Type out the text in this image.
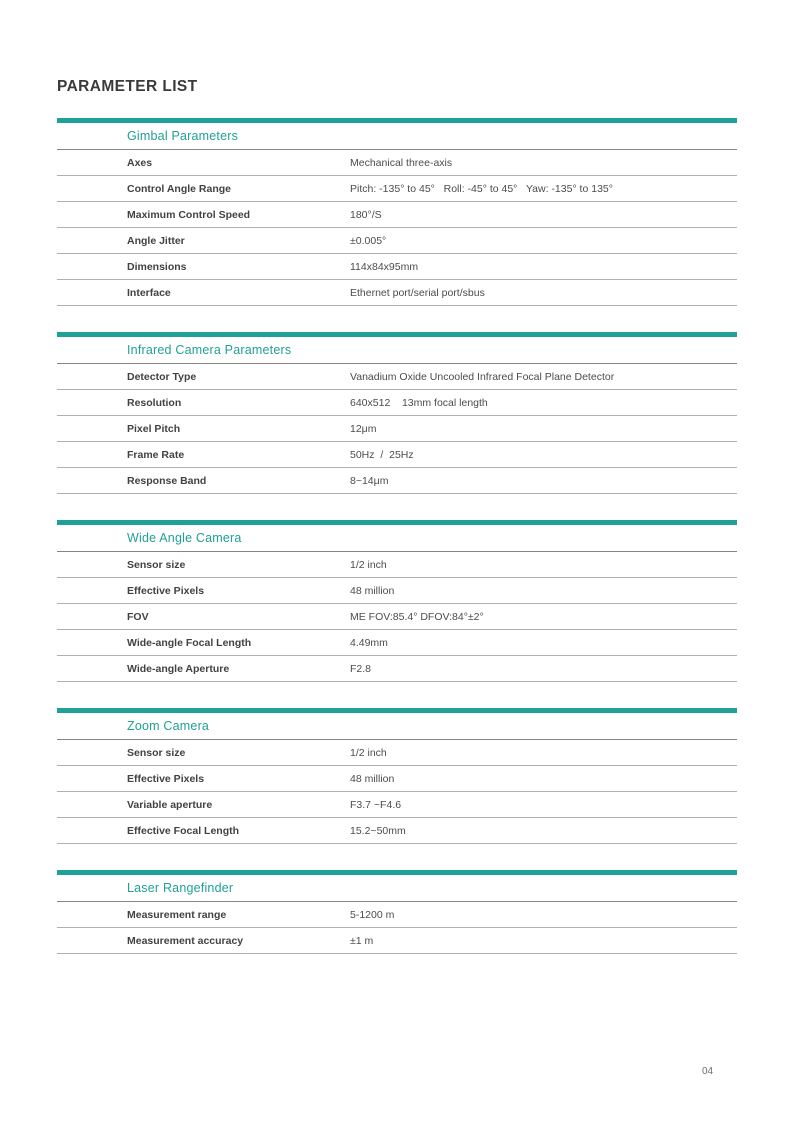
PARAMETER LIST
Gimbal Parameters
Axes	Mechanical three-axis
Control Angle Range	Pitch: -135° to 45°   Roll: -45° to 45°   Yaw: -135° to 135°
Maximum Control Speed	180°/S
Angle Jitter	±0.005°
Dimensions	114x84x95mm
Interface	Ethernet port/serial port/sbus
Infrared Camera Parameters
Detector Type	Vanadium Oxide Uncooled Infrared Focal Plane Detector
Resolution	640x512    13mm focal length
Pixel Pitch	12μm
Frame Rate	50Hz  /  25Hz
Response Band	8~14μm
Wide Angle Camera
Sensor size	1/2 inch
Effective Pixels	48 million
FOV	ME FOV:85.4° DFOV:84°±2°
Wide-angle Focal Length	4.49mm
Wide-angle Aperture	F2.8
Zoom Camera
Sensor size	1/2 inch
Effective Pixels	48 million
Variable aperture	F3.7 ~F4.6
Effective Focal Length	15.2~50mm
Laser Rangefinder
Measurement range	5-1200 m
Measurement accuracy	±1 m
04
